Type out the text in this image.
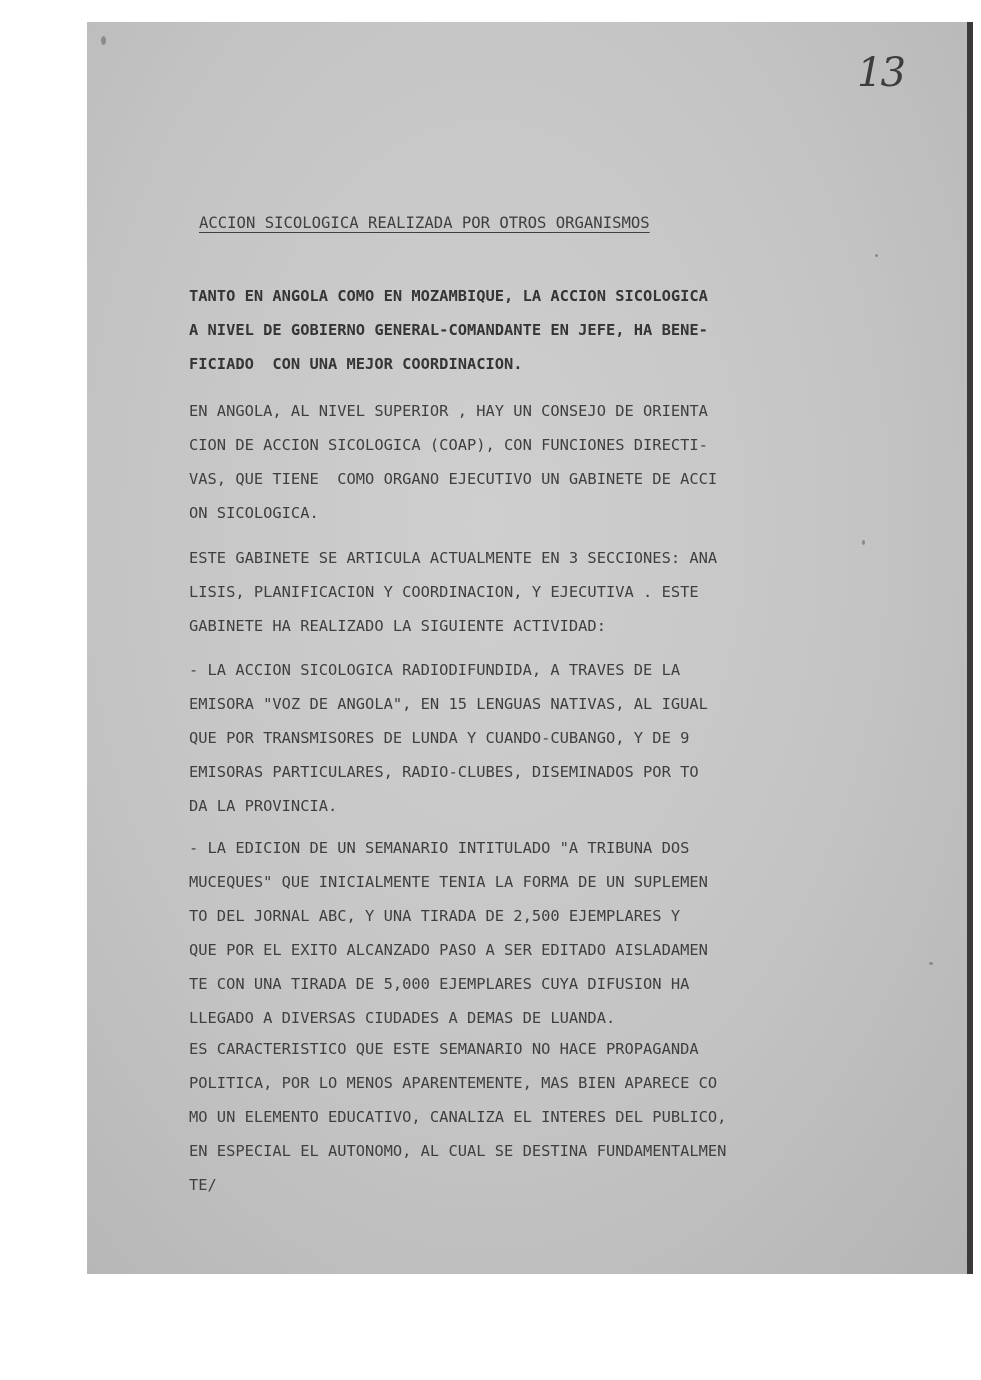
13
ACCION SICOLOGICA REALIZADA POR OTROS ORGANISMOS
TANTO EN ANGOLA COMO EN MOZAMBIQUE, LA ACCION SICOLOGICA
A NIVEL DE GOBIERNO GENERAL-COMANDANTE EN JEFE, HA BENE-
FICIADO  CON UNA MEJOR COORDINACION.
EN ANGOLA, AL NIVEL SUPERIOR , HAY UN CONSEJO DE ORIENTA
CION DE ACCION SICOLOGICA (COAP), CON FUNCIONES DIRECTI-
VAS, QUE TIENE  COMO ORGANO EJECUTIVO UN GABINETE DE ACCI
ON SICOLOGICA.
ESTE GABINETE SE ARTICULA ACTUALMENTE EN 3 SECCIONES: ANA
LISIS, PLANIFICACION Y COORDINACION, Y EJECUTIVA . ESTE
GABINETE HA REALIZADO LA SIGUIENTE ACTIVIDAD:
- LA ACCION SICOLOGICA RADIODIFUNDIDA, A TRAVES DE LA
EMISORA "VOZ DE ANGOLA", EN 15 LENGUAS NATIVAS, AL IGUAL
QUE POR TRANSMISORES DE LUNDA Y CUANDO-CUBANGO, Y DE 9
EMISORAS PARTICULARES, RADIO-CLUBES, DISEMINADOS POR TO
DA LA PROVINCIA.
- LA EDICION DE UN SEMANARIO INTITULADO "A TRIBUNA DOS
MUCEQUES" QUE INICIALMENTE TENIA LA FORMA DE UN SUPLEMEN
TO DEL JORNAL ABC, Y UNA TIRADA DE 2,500 EJEMPLARES Y
QUE POR EL EXITO ALCANZADO PASO A SER EDITADO AISLADAMEN
TE CON UNA TIRADA DE 5,000 EJEMPLARES CUYA DIFUSION HA
LLEGADO A DIVERSAS CIUDADES A DEMAS DE LUANDA.
ES CARACTERISTICO QUE ESTE SEMANARIO NO HACE PROPAGANDA
POLITICA, POR LO MENOS APARENTEMENTE, MAS BIEN APARECE CO
MO UN ELEMENTO EDUCATIVO, CANALIZA EL INTERES DEL PUBLICO,
EN ESPECIAL EL AUTONOMO, AL CUAL SE DESTINA FUNDAMENTALMEN
TE/
